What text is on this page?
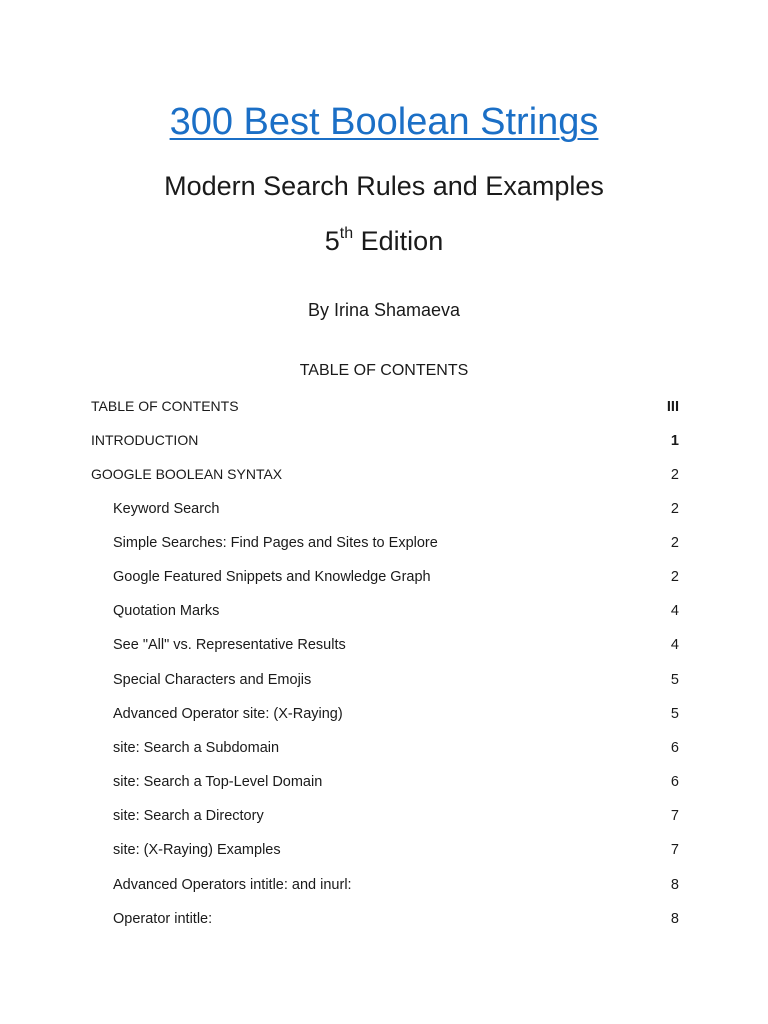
300 Best Boolean Strings
Modern Search Rules and Examples
5th Edition
By Irina Shamaeva
TABLE OF CONTENTS
TABLE OF CONTENTS	III
INTRODUCTION	1
GOOGLE BOOLEAN SYNTAX	2
Keyword Search	2
Simple Searches: Find Pages and Sites to Explore	2
Google Featured Snippets and Knowledge Graph	2
Quotation Marks	4
See "All" vs. Representative Results	4
Special Characters and Emojis	5
Advanced Operator site: (X-Raying)	5
site: Search a Subdomain	6
site: Search a Top-Level Domain	6
site: Search a Directory	7
site: (X-Raying) Examples	7
Advanced Operators intitle: and inurl:	8
Operator intitle:	8
